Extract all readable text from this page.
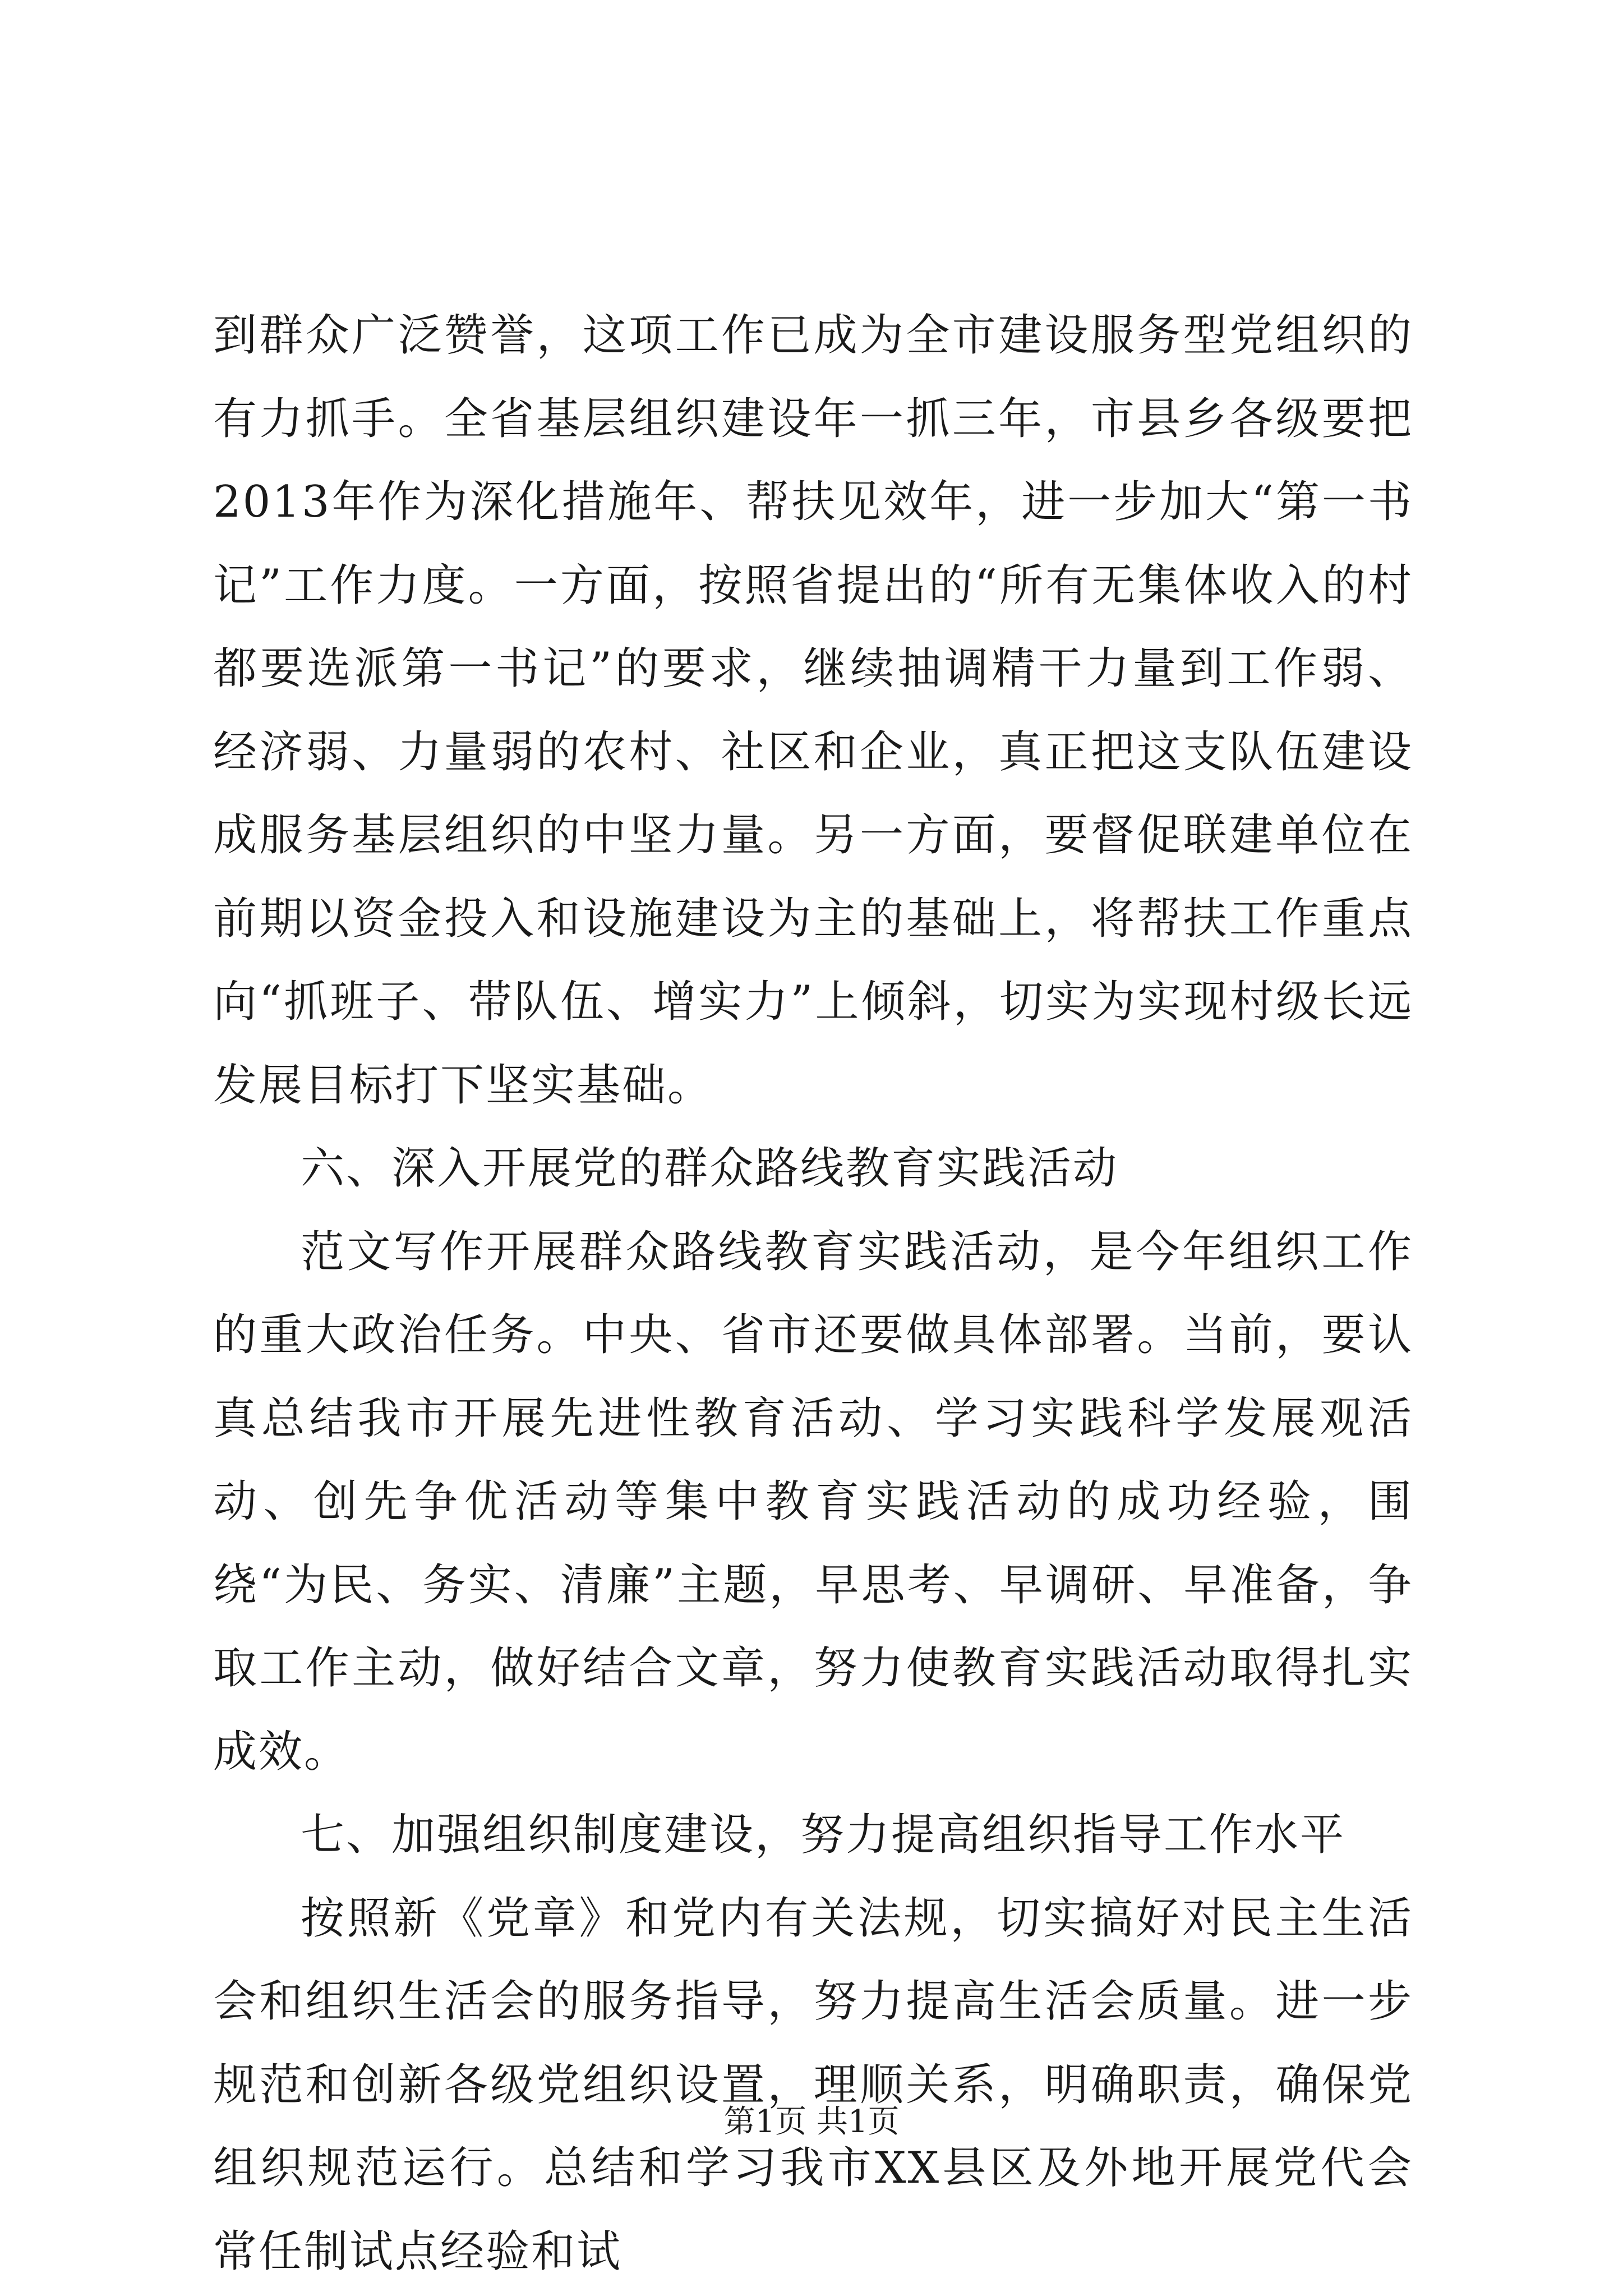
到群众广泛赞誉，这项工作已成为全市建设服务型党组织的有力抓手。全省基层组织建设年一抓三年，市县乡各级要把2013年作为深化措施年、帮扶见效年，进一步加大“第一书记”工作力度。一方面，按照省提出的“所有无集体收入的村都要选派第一书记”的要求，继续抽调精干力量到工作弱、经济弱、力量弱的农村、社区和企业，真正把这支队伍建设成服务基层组织的中坚力量。另一方面，要督促联建单位在前期以资金投入和设施建设为主的基础上，将帮扶工作重点向“抓班子、带队伍、增实力”上倾斜，切实为实现村级长远发展目标打下坚实基础。

六、深入开展党的群众路线教育实践活动

范文写作开展群众路线教育实践活动，是今年组织工作的重大政治任务。中央、省市还要做具体部署。当前，要认真总结我市开展先进性教育活动、学习实践科学发展观活动、创先争优活动等集中教育实践活动的成功经验，围绕“为民、务实、清廉”主题，早思考、早调研、早准备，争取工作主动，做好结合文章，努力使教育实践活动取得扎实成效。

七、加强组织制度建设，努力提高组织指导工作水平

按照新《党章》和党内有关法规，切实搞好对民主生活会和组织生活会的服务指导，努力提高生活会质量。进一步规范和创新各级党组织设置，理顺关系，明确职责，确保党组织规范运行。总结和学习我市XX县区及外地开展党代会常任制试点经验和试

第1页 共1页
